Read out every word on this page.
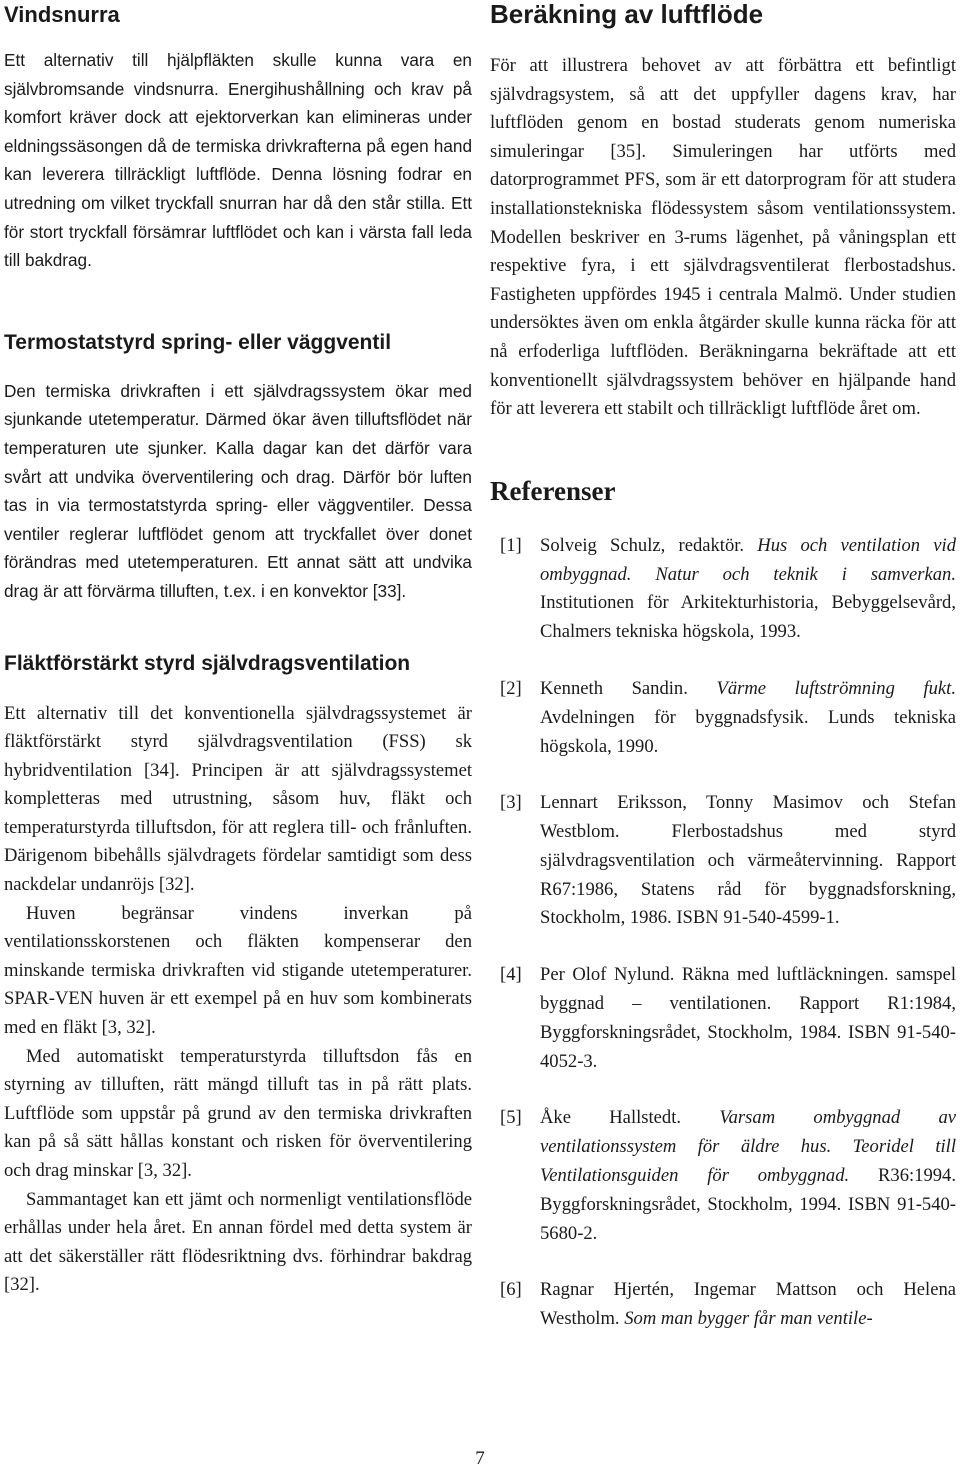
Vindsnurra

Ett alternativ till hjälpfläkten skulle kunna vara en självbromsande vindsnurra. Energihushållning och krav på komfort kräver dock att ejektorverkan kan elimineras under eldningssäsongen då de termiska drivkrafterna på egen hand kan leverera tillräckligt luftflöde. Denna lösning fodrar en utredning om vilket tryckfall snurran har då den står stilla. Ett för stort tryckfall försämrar luftflödet och kan i värsta fall leda till bakdrag.

Termostatstyrd spring- eller väggventil

Den termiska drivkraften i ett självdragssystem ökar med sjunkande utetemperatur. Därmed ökar även tilluftsflödet när temperaturen ute sjunker. Kalla dagar kan det därför vara svårt att undvika överventilering och drag. Därför bör luften tas in via termostatstyrda spring- eller väggventiler. Dessa ventiler reglerar luftflödet genom att tryckfallet över donet förändras med utetemperaturen. Ett annat sätt att undvika drag är att förvärma tilluften, t.ex. i en konvektor [33].

Fläktförstärkt styrd självdragsventilation

Ett alternativ till det konventionella självdragssystemet är fläktförstärkt styrd självdragsventilation (FSS) sk hybridventilation [34]. Principen är att självdragssystemet kompletteras med utrustning, såsom huv, fläkt och temperaturstyrda tilluftsdon, för att reglera till- och frånluften. Därigenom bibehålls självdragets fördelar samtidigt som dess nackdelar undanröjs [32].

Huven begränsar vindens inverkan på ventilationsskorstenen och fläkten kompenserar den minskande termiska drivkraften vid stigande utetemperaturer. SPAR-VEN huven är ett exempel på en huv som kombinerats med en fläkt [3, 32].

Med automatiskt temperaturstyrda tilluftsdon fås en styrning av tilluften, rätt mängd tilluft tas in på rätt plats. Luftflöde som uppstår på grund av den termiska drivkraften kan på så sätt hållas konstant och risken för överventilering och drag minskar [3, 32].

Sammantaget kan ett jämt och normenligt ventilationsflöde erhållas under hela året. En annan fördel med detta system är att det säkerställer rätt flödesriktning dvs. förhindrar bakdrag [32].

Beräkning av luftflöde

För att illustrera behovet av att förbättra ett befintligt självdragsystem, så att det uppfyller dagens krav, har luftflöden genom en bostad studerats genom numeriska simuleringar [35]. Simuleringen har utförts med datorprogrammet PFS, som är ett datorprogram för att studera installationstekniska flödessystem såsom ventilationssystem. Modellen beskriver en 3-rums lägenhet, på våningsplan ett respektive fyra, i ett självdragsventilerat flerbostadshus. Fastigheten uppfördes 1945 i centrala Malmö. Under studien undersöktes även om enkla åtgärder skulle kunna räcka för att nå erfoderliga luftflöden. Beräkningarna bekräftade att ett konventionellt självdragssystem behöver en hjälpande hand för att leverera ett stabilt och tillräckligt luftflöde året om.

Referenser
[1] Solveig Schulz, redaktör. Hus och ventilation vid ombyggnad. Natur och teknik i samverkan. Institutionen för Arkitekturhistoria, Bebyggelsevård, Chalmers tekniska högskola, 1993.
[2] Kenneth Sandin. Värme luftströmning fukt. Avdelningen för byggnadsfysik. Lunds tekniska högskola, 1990.
[3] Lennart Eriksson, Tonny Masimov och Stefan Westblom.	Flerbostadshus med styrd självdragsventilation och värmeåtervinning. Rapport R67:1986, Statens råd för byggnadsforskning, Stockholm, 1986. ISBN 91-540-4599-1.
[4] Per Olof Nylund. Räkna med luftläckningen. samspel byggnad – ventilationen. Rapport R1:1984, Byggforskningsrådet, Stockholm, 1984. ISBN 91-540-4052-3.
[5] Åke Hallstedt. Varsam ombyggnad av ventilationssystem för äldre hus. Teoridel till Ventilationsguiden för ombyggnad. R36:1994. Byggforskningsrådet, Stockholm, 1994. ISBN 91-540-5680-2.
[6] Ragnar Hjertén, Ingemar Mattson och Helena Westholm. Som man bygger får man ventile-
7
